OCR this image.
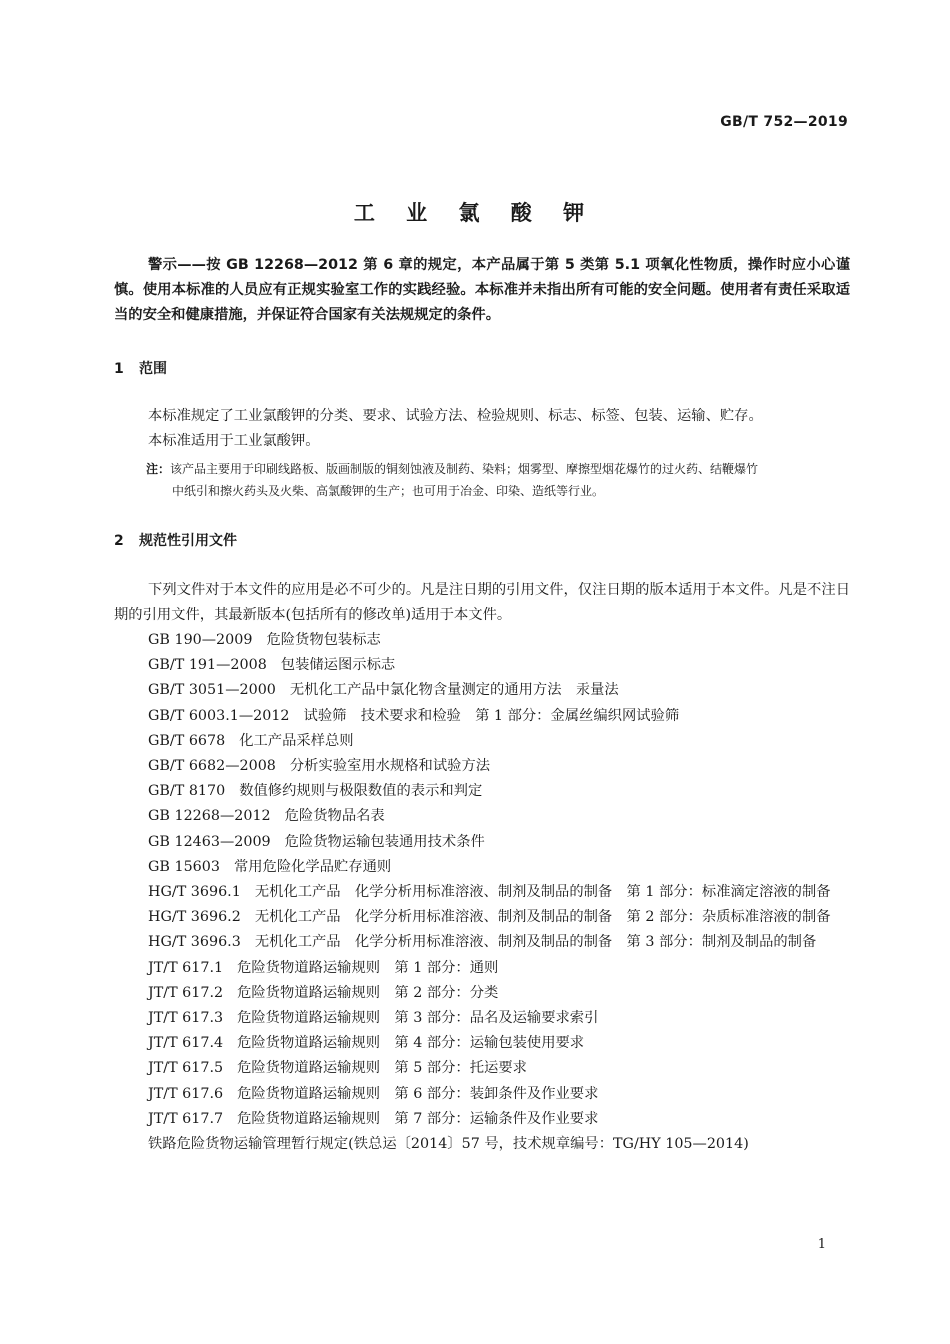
GB/T 752—2019
工 业 氯 酸 钾
警示——按 GB 12268—2012 第 6 章的规定，本产品属于第 5 类第 5.1 项氧化性物质，操作时应小心谨慎。使用本标准的人员应有正规实验室工作的实践经验。本标准并未指出所有可能的安全问题。使用者有责任采取适当的安全和健康措施，并保证符合国家有关法规规定的条件。
1 范围
本标准规定了工业氯酸钾的分类、要求、试验方法、检验规则、标志、标签、包装、运输、贮存。
本标准适用于工业氯酸钾。
注：该产品主要用于印刷线路板、版画制版的铜刻蚀液及制药、染料；烟雾型、摩擦型烟花爆竹的过火药、结鞭爆竹
中纸引和擦火药头及火柴、高氯酸钾的生产；也可用于冶金、印染、造纸等行业。
2 规范性引用文件
下列文件对于本文件的应用是必不可少的。凡是注日期的引用文件，仅注日期的版本适用于本文件。凡是不注日期的引用文件，其最新版本(包括所有的修改单)适用于本文件。
GB 190—2009 危险货物包装标志
GB/T 191—2008 包装储运图示标志
GB/T 3051—2000 无机化工产品中氯化物含量测定的通用方法　汞量法
GB/T 6003.1—2012 试验筛　技术要求和检验　第 1 部分：金属丝编织网试验筛
GB/T 6678 化工产品采样总则
GB/T 6682—2008 分析实验室用水规格和试验方法
GB/T 8170 数值修约规则与极限数值的表示和判定
GB 12268—2012 危险货物品名表
GB 12463—2009 危险货物运输包装通用技术条件
GB 15603 常用危险化学品贮存通则
HG/T 3696.1 无机化工产品　化学分析用标准溶液、制剂及制品的制备　第 1 部分：标准滴定溶液的制备
HG/T 3696.2 无机化工产品　化学分析用标准溶液、制剂及制品的制备　第 2 部分：杂质标准溶液的制备
HG/T 3696.3 无机化工产品　化学分析用标准溶液、制剂及制品的制备　第 3 部分：制剂及制品的制备
JT/T 617.1 危险货物道路运输规则　第 1 部分：通则
JT/T 617.2 危险货物道路运输规则　第 2 部分：分类
JT/T 617.3 危险货物道路运输规则　第 3 部分：品名及运输要求索引
JT/T 617.4 危险货物道路运输规则　第 4 部分：运输包装使用要求
JT/T 617.5 危险货物道路运输规则　第 5 部分：托运要求
JT/T 617.6 危险货物道路运输规则　第 6 部分：装卸条件及作业要求
JT/T 617.7 危险货物道路运输规则　第 7 部分：运输条件及作业要求
铁路危险货物运输管理暂行规定(铁总运〔2014〕57 号，技术规章编号：TG/HY 105—2014)
1
